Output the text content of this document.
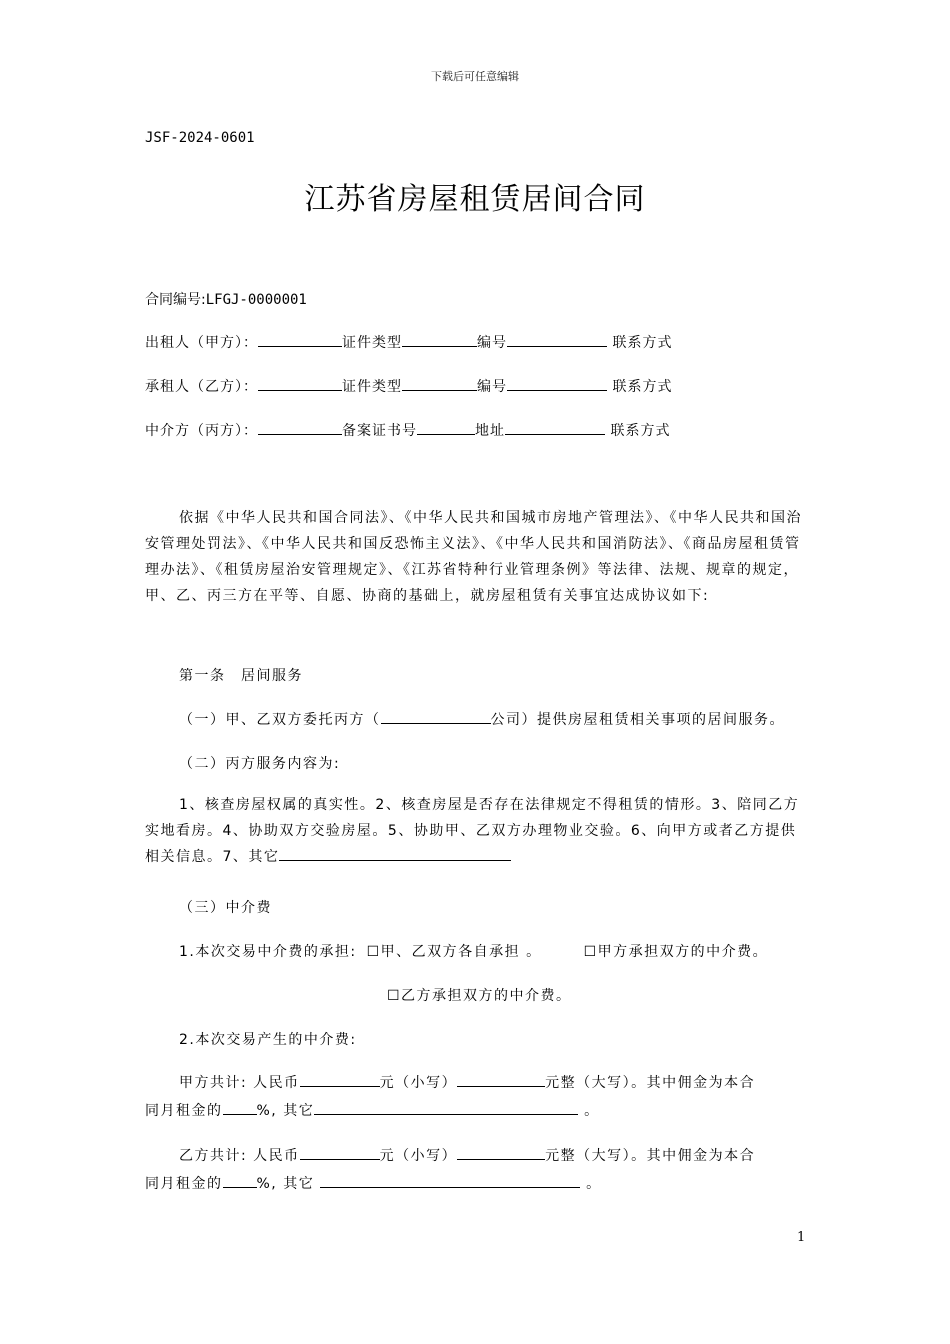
下载后可任意编辑
JSF-2024-0601
江苏省房屋租赁居间合同
合同编号:LFGJ-0000001
出租人（甲方）：	证件类型	编号	联系方式
承租人（乙方）：	证件类型	编号	联系方式
中介方（丙方）：	备案证书号	地址	联系方式
依据《中华人民共和国合同法》、《中华人民共和国城市房地产管理法》、《中华人民共和国治安管理处罚法》、《中华人民共和国反恐怖主义法》、《中华人民共和国消防法》、《商品房屋租赁管理办法》、《租赁房屋治安管理规定》、《江苏省特种行业管理条例》等法律、法规、规章的规定，甲、乙、丙三方在平等、自愿、协商的基础上，就房屋租赁有关事宜达成协议如下:
第一条　居间服务
（一）甲、乙双方委托丙方（	公司）提供房屋租赁相关事项的居间服务。
（二）丙方服务内容为:
1、核查房屋权属的真实性。2、核查房屋是否存在法律规定不得租赁的情形。3、陪同乙方实地看房。4、协助双方交验房屋。5、协助甲、乙双方办理物业交验。6、向甲方或者乙方提供相关信息。7、其它
（三）中介费
1.本次交易中介费的承担: ☐甲、乙双方各自承担 。	☐甲方承担双方的中介费。
☐乙方承担双方的中介费。
2.本次交易产生的中介费:
甲方共计: 人民币	元（小写）	元整（大写）。其中佣金为本合
同月租金的 %, 其它	。
乙方共计: 人民币	元（小写）	元整（大写）。其中佣金为本合
同月租金的 %, 其它	。
1
